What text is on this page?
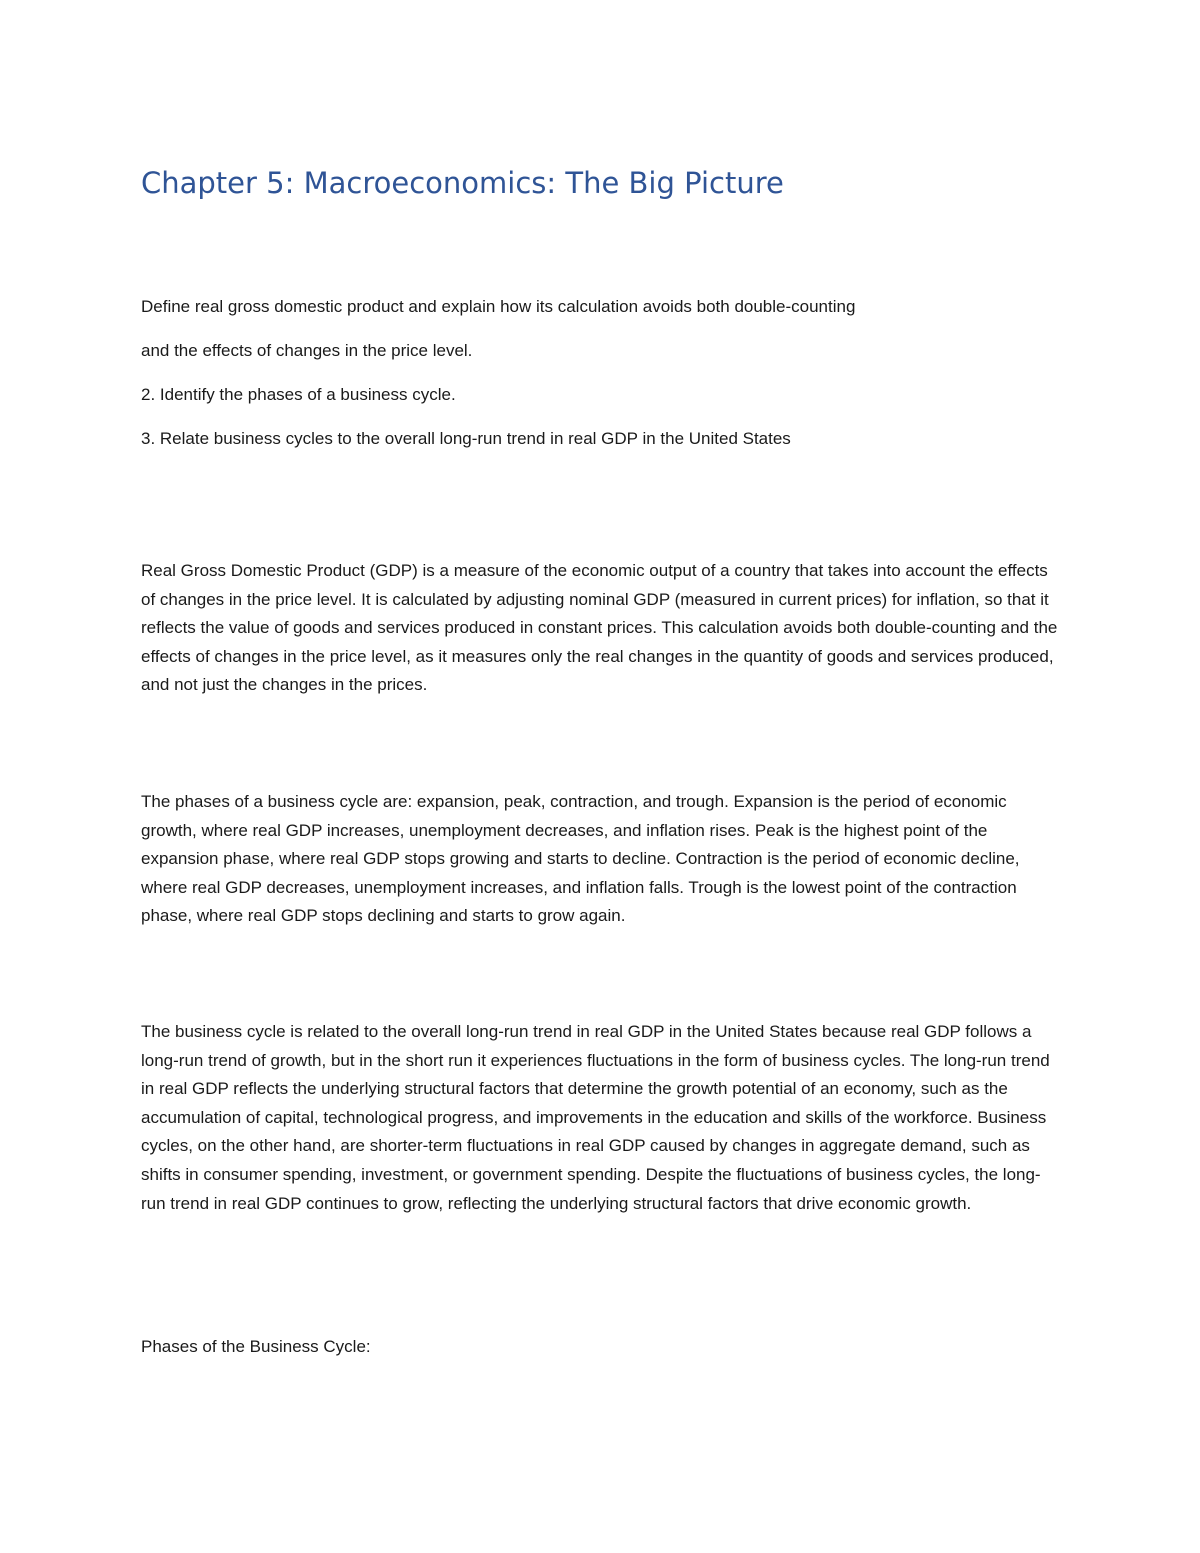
Chapter 5: Macroeconomics: The Big Picture

Define real gross domestic product and explain how its calculation avoids both double-counting

and the effects of changes in the price level.

2. Identify the phases of a business cycle.

3. Relate business cycles to the overall long-run trend in real GDP in the United States

Real Gross Domestic Product (GDP) is a measure of the economic output of a country that takes into account the effects of changes in the price level. It is calculated by adjusting nominal GDP (measured in current prices) for inflation, so that it reflects the value of goods and services produced in constant prices. This calculation avoids both double-counting and the effects of changes in the price level, as it measures only the real changes in the quantity of goods and services produced, and not just the changes in the prices.

The phases of a business cycle are: expansion, peak, contraction, and trough. Expansion is the period of economic growth, where real GDP increases, unemployment decreases, and inflation rises. Peak is the highest point of the expansion phase, where real GDP stops growing and starts to decline. Contraction is the period of economic decline, where real GDP decreases, unemployment increases, and inflation falls. Trough is the lowest point of the contraction phase, where real GDP stops declining and starts to grow again.

The business cycle is related to the overall long-run trend in real GDP in the United States because real GDP follows a long-run trend of growth, but in the short run it experiences fluctuations in the form of business cycles. The long-run trend in real GDP reflects the underlying structural factors that determine the growth potential of an economy, such as the accumulation of capital, technological progress, and improvements in the education and skills of the workforce. Business cycles, on the other hand, are shorter-term fluctuations in real GDP caused by changes in aggregate demand, such as shifts in consumer spending, investment, or government spending. Despite the fluctuations of business cycles, the long-run trend in real GDP continues to grow, reflecting the underlying structural factors that drive economic growth.

Phases of the Business Cycle:
